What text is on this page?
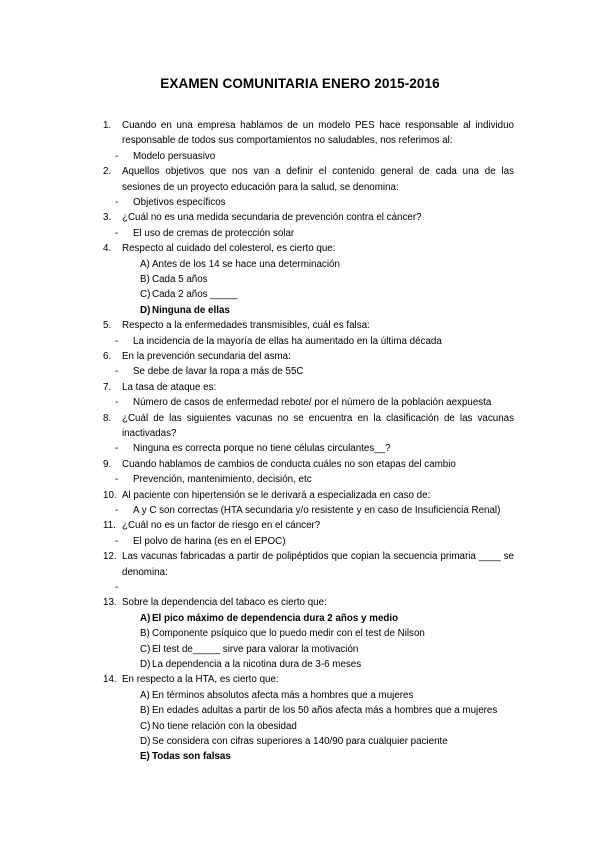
EXAMEN COMUNITARIA ENERO 2015-2016
1. Cuando en una empresa hablamos de un modelo PES hace responsable al individuo
responsable de todos sus comportamientos no saludables, nos referimos al:
- Modelo persuasivo
2. Aquellos objetivos que nos van a definir el contenido general de cada una de las
sesiones de un proyecto educación para la salud, se denomina:
- Objetivos específicos
3. ¿Cuál no es una medida secundaria de prevención contra el cáncer?
- El uso de cremas de protección solar
4. Respecto al cuidado del colesterol, es cierto que:
A) Antes de los 14 se hace una determinación
B) Cada 5 años
C) Cada 2 años _____
D) Ninguna de ellas
5. Respecto a la enfermedades transmisibles, cuál es falsa:
- La incidencia de la mayoría de ellas ha aumentado en la última década
6. En la prevención secundaria del asma:
- Se debe de lavar la ropa a más de 55C
7. La tasa de ataque es:
- Número de casos de enfermedad rebote/ por el número de la población aexpuesta
8. ¿Cuál de las siguientes vacunas no se encuentra en la clasificación de las vacunas
inactivadas?
- Ninguna es correcta porque no tiene células circulantes__?
9. Cuando hablamos de cambios de conducta cuáles no son etapas del cambio
- Prevención, mantenimiento, decisión, etc
10. Al paciente con hipertensión se le derivará a especializada en caso de:
- A y C son correctas (HTA secundaria y/o resistente y en caso de Insuficiencia Renal)
11. ¿Cuál no es un factor de riesgo en el cáncer?
- El polvo de harina (es en el EPOC)
12. Las vacunas fabricadas a partir de polipéptidos que copian la secuencia primaria ____ se
denomina:
-
13. Sobre la dependencia del tabaco es cierto que:
A) El pico máximo de dependencia dura 2 años y medio
B) Componente psíquico que lo puedo medir con el test de Nilson
C) El test de_____ sirve para valorar la motivación
D) La dependencia a la nicotina dura de 3-6 meses
14. En respecto a la HTA, es cierto que:
A) En términos absolutos afecta más a hombres que a mujeres
B) En edades adultas a partir de los 50 años afecta más a hombres que a mujeres
C) No tiene relación con la obesidad
D) Se considera con cifras superiores a 140/90 para cualquier paciente
E) Todas son falsas
